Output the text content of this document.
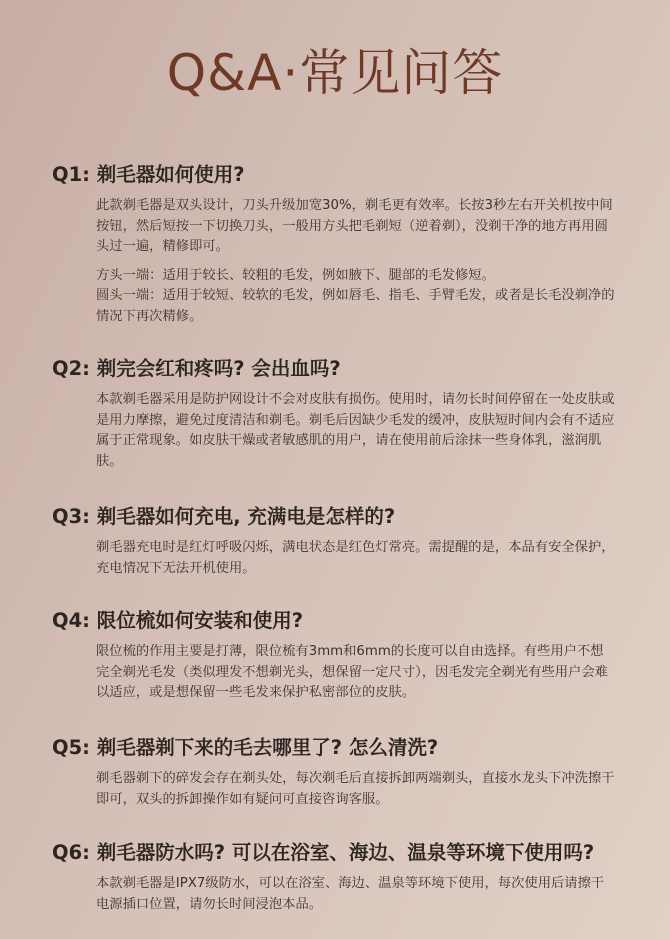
Q&A·常见问答
Q1: 剃毛器如何使用?

此款剃毛器是双头设计，刀头升级加宽30%，剃毛更有效率。长按3秒左右开关机按中间按钮，然后短按一下切换刀头，一般用方头把毛剃短（逆着剃），没剃干净的地方再用圆头过一遍，精修即可。

方头一端：适用于较长、较粗的毛发，例如腋下、腿部的毛发修短。

圆头一端：适用于较短、较软的毛发，例如唇毛、指毛、手臂毛发，或者是长毛没剃净的情况下再次精修。

Q2: 剃完会红和疼吗? 会出血吗?

本款剃毛器采用是防护网设计不会对皮肤有损伤。使用时，请勿长时间停留在一处皮肤或是用力摩擦，避免过度清洁和剃毛。剃毛后因缺少毛发的缓冲，皮肤短时间内会有不适应属于正常现象。如皮肤干燥或者敏感肌的用户，请在使用前后涂抹一些身体乳，滋润肌肤。

Q3: 剃毛器如何充电, 充满电是怎样的?

剃毛器充电时是红灯呼吸闪烁，满电状态是红色灯常亮。需提醒的是，本品有安全保护，充电情况下无法开机使用。

Q4: 限位梳如何安装和使用?

限位梳的作用主要是打薄，限位梳有3mm和6mm的长度可以自由选择。有些用户不想完全剃光毛发（类似理发不想剃光头，想保留一定尺寸），因毛发完全剃光有些用户会难以适应，或是想保留一些毛发来保护私密部位的皮肤。

Q5: 剃毛器剃下来的毛去哪里了? 怎么清洗?

剃毛器剃下的碎发会存在剃头处，每次剃毛后直接拆卸两端剃头，直接水龙头下冲洗擦干即可，双头的拆卸操作如有疑问可直接咨询客服。

Q6: 剃毛器防水吗? 可以在浴室、海边、温泉等环境下使用吗?

本款剃毛器是IPX7级防水，可以在浴室、海边、温泉等环境下使用，每次使用后请擦干电源插口位置，请勿长时间浸泡本品。
